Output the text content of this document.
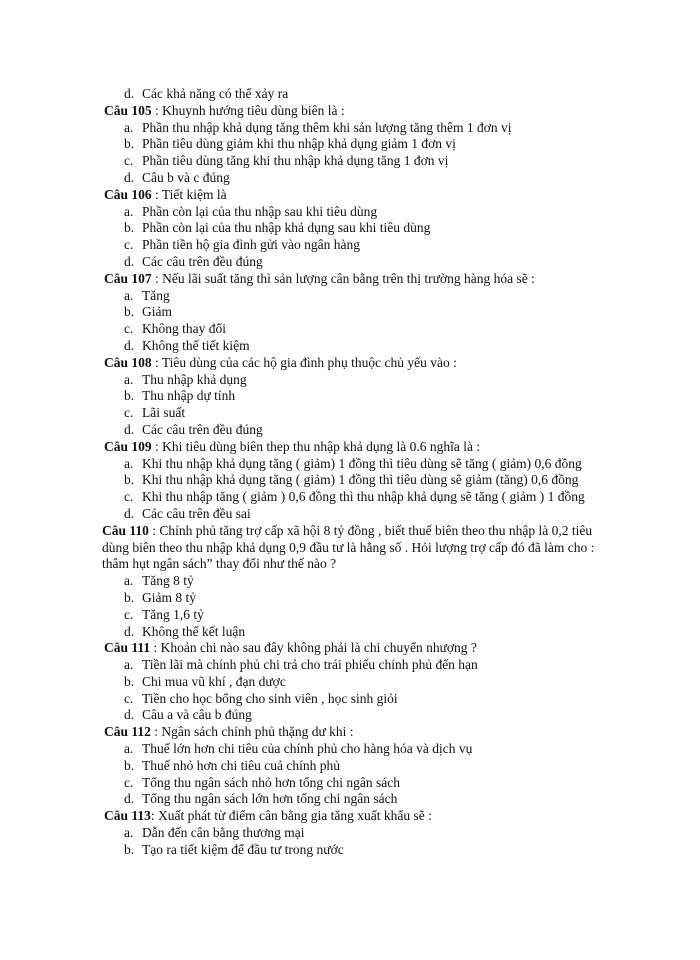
d. Các khả năng có thể xảy ra

Câu 105 : Khuynh hướng tiêu dùng biên là :

a. Phần thu nhập khả dụng tăng thêm khi sản lượng tăng thêm 1 đơn vị

b. Phần tiêu dùng giảm khi thu nhập khả dụng giảm 1 đơn vị

c. Phần tiêu dùng tăng khi thu nhập khả dụng tăng 1 đơn vị

d. Câu b và c đúng

Câu 106 : Tiết kiệm là

a. Phần còn lại của thu nhập sau khi tiêu dùng

b. Phần còn lại của thu nhập khả dụng sau khi tiêu dùng

c. Phần tiền hộ gia đình gửi vào ngân hàng

d. Các câu trên đều đúng

Câu 107 : Nếu lãi suất tăng thì sản lượng cân bằng trên thị trường hàng hóa sẽ :

a. Tăng

b. Giảm

c. Không thay đổi

d. Không thể tiết kiệm

Câu 108 : Tiêu dùng của các hộ gia đình phụ thuộc chủ yếu vào :

a. Thu nhập khả dụng

b. Thu nhập dự tính

c. Lãi suất

d. Các câu trên đều đúng

Câu 109 : Khi tiêu dùng biên thep thu nhập khả dụng là 0.6 nghĩa là :

a. Khi thu nhập khả dụng tăng ( giảm) 1 đồng thì tiêu dùng sẽ tăng ( giảm) 0,6 đồng

b. Khi thu nhập khả dụng tăng ( giảm) 1 đồng thì tiêu dùng sẽ giảm (tăng) 0,6 đồng

c. Khi thu nhập tăng ( giảm ) 0,6 đồng thì thu nhập khả dụng sẽ tăng ( giảm ) 1 đồng

d. Các câu trên đều sai

Câu 110 : Chính phủ tăng trợ cấp xã hội 8 tỷ đồng , biết thuế biên theo thu nhập là 0,2 tiêu dùng biên theo thu nhập khả dụng 0,9 đầu tư là hằng số . Hỏi lượng trợ cấp đó đã làm cho : thâm hụt ngân sách” thay đổi như thế nào ?

a. Tăng 8 tỷ

b. Giảm 8 tỷ

c. Tăng 1,6 tỷ

d. Không thể kết luận

Câu 111 : Khoản chi nào sau đây không phải là chi chuyển nhượng ?

a. Tiền lãi mà chính phủ chi trả cho trái phiếu chính phủ đến hạn

b. Chi mua vũ khí , đạn dược

c. Tiền cho học bổng cho sinh viên , học sinh giỏi

d. Câu a và câu b đúng

Câu 112 : Ngân sách chính phủ thặng dư khi :

a. Thuế lớn hơn chi tiêu của chính phủ cho hàng hóa và dịch vụ

b. Thuế nhỏ hơn chi tiêu cuả chính phủ

c. Tổng thu ngân sách nhỏ hơn tổng chi ngân sách

d. Tổng thu ngân sách lớn hơn tổng chi ngân sách

Câu 113: Xuất phát từ điểm cân bằng gia tăng xuất khẩu sẽ :

a. Dẫn đến cân bằng thương mại

b. Tạo ra tiết kiệm để đầu tư trong nước
